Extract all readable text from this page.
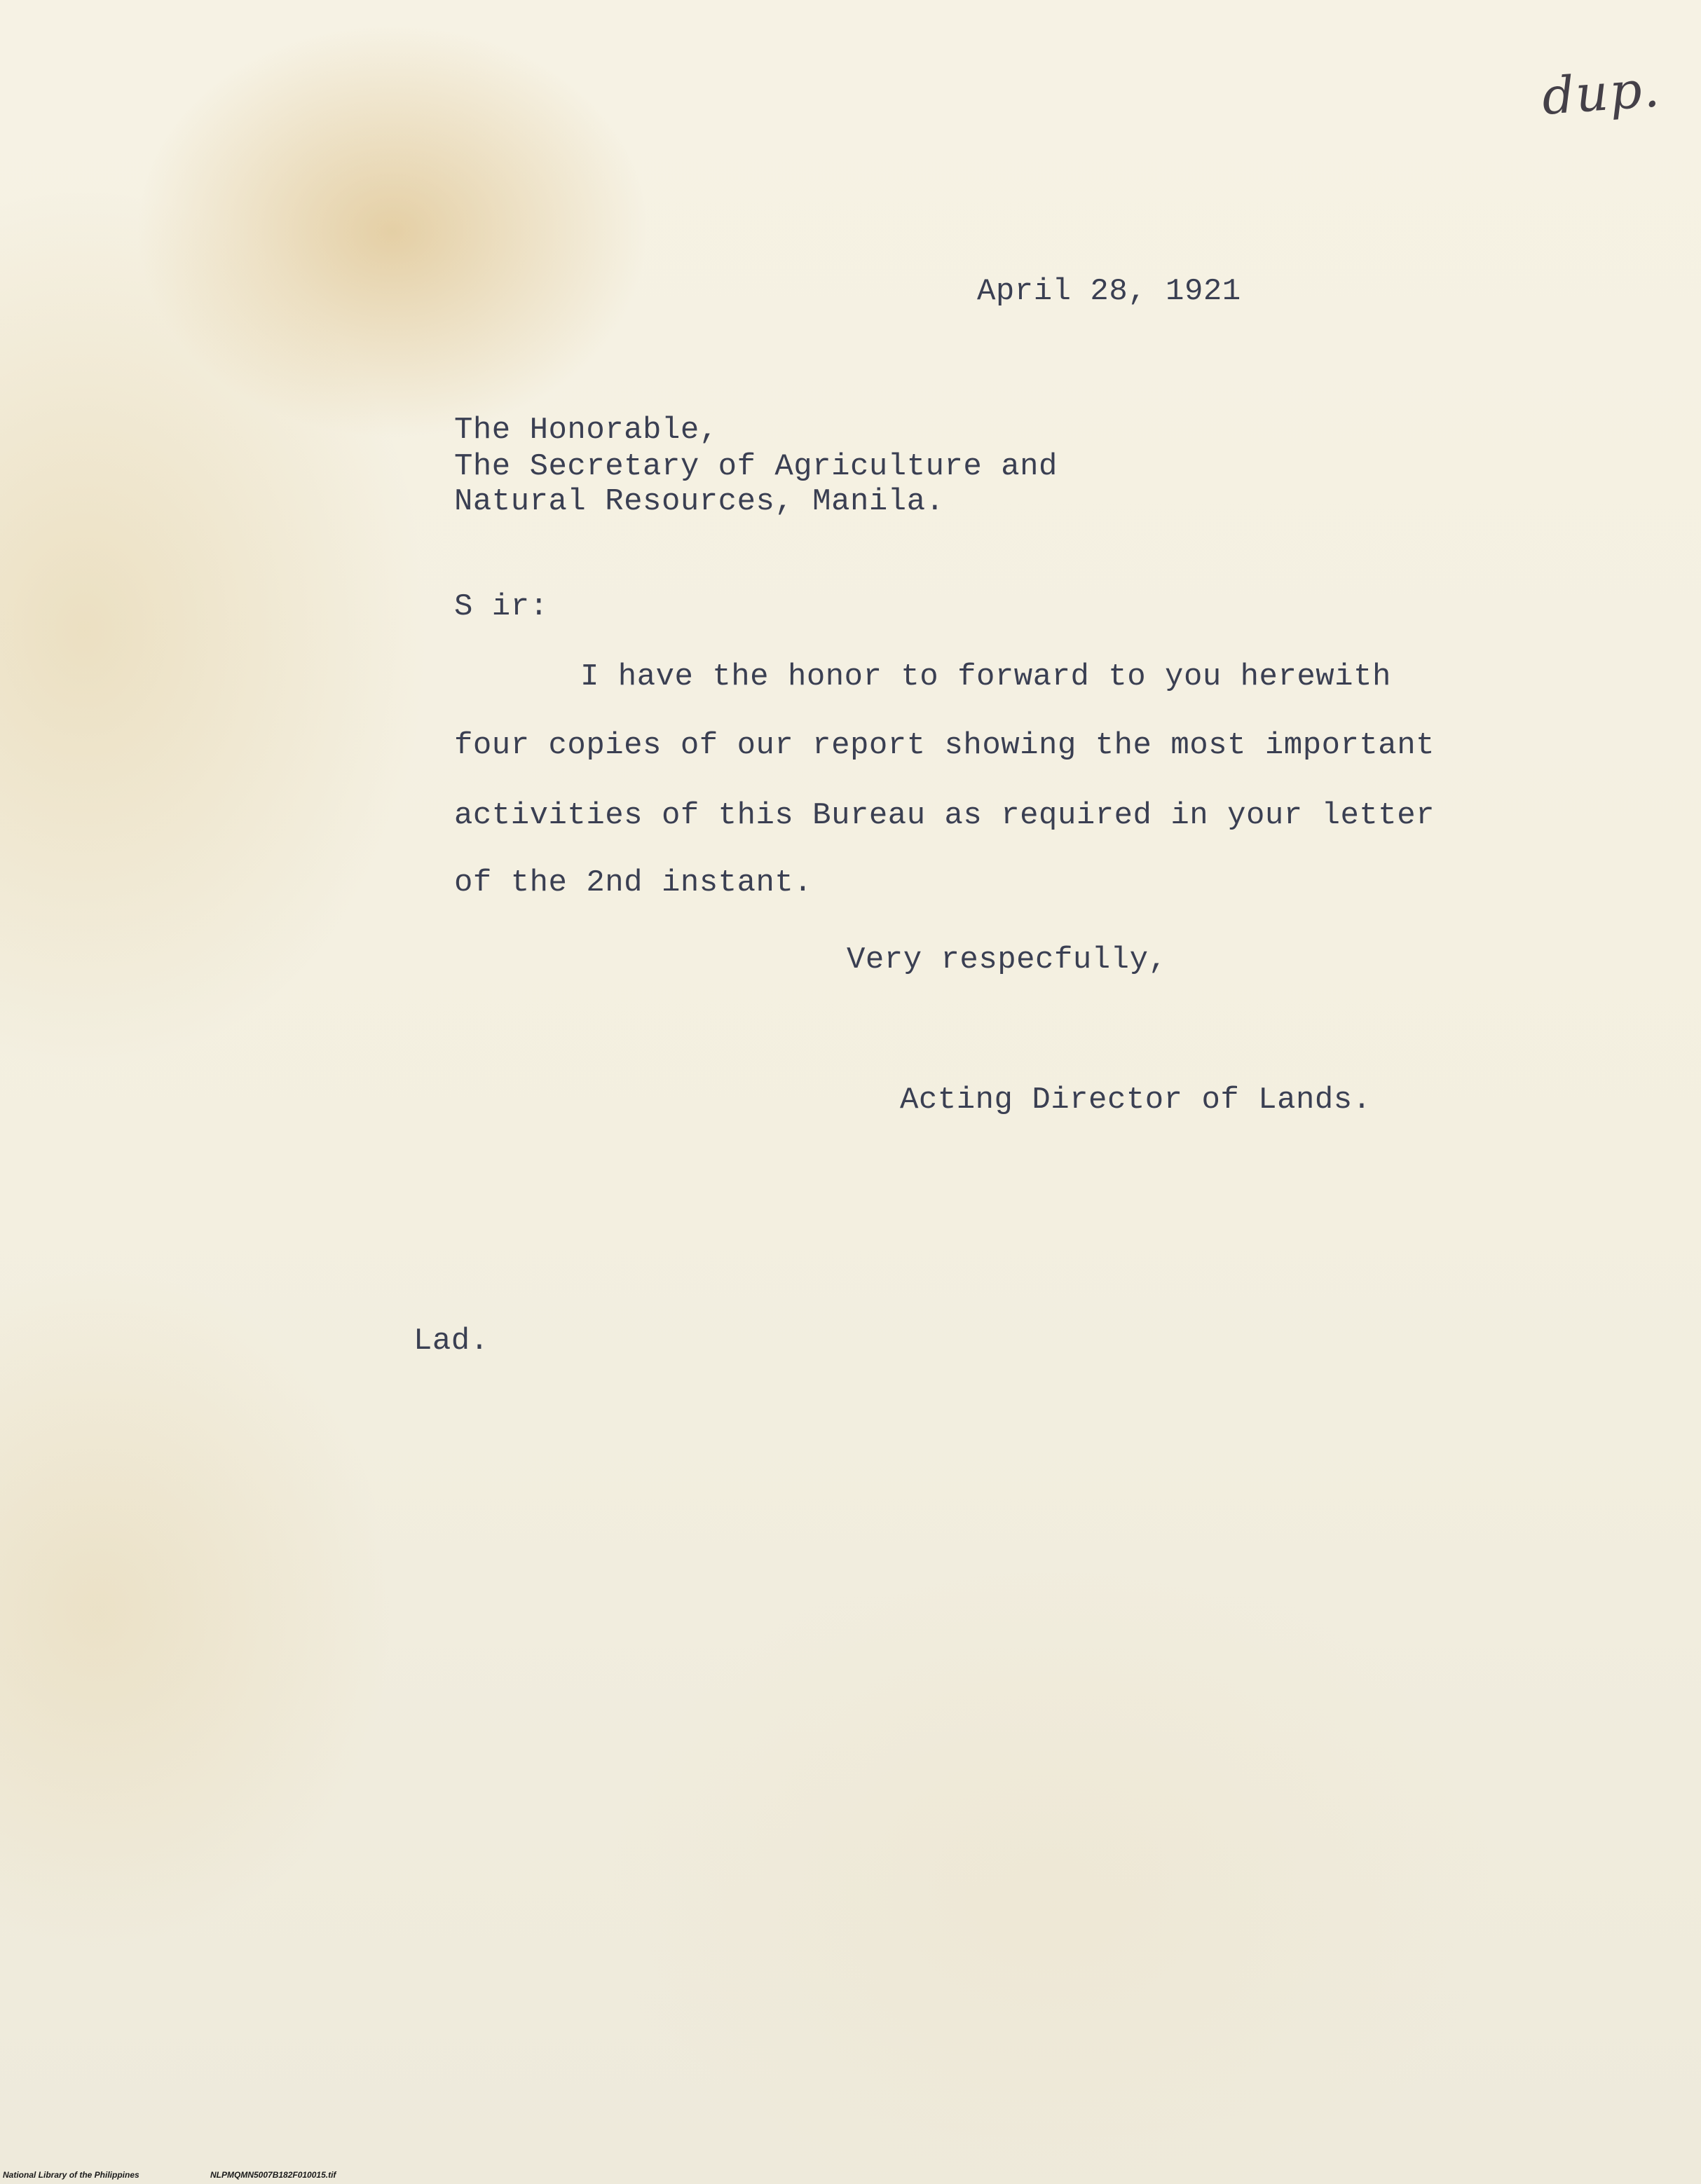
dup.
April 28, 1921
The Honorable,
The Secretary of Agriculture and
Natural Resources, Manila.
S ir:
I have the honor to forward to you herewith
four copies of our report showing the most important
activities of this Bureau as required in your letter
of the 2nd instant.
Very respecfully,
Acting Director of Lands.
Lad.

National Library of the Philippines

	NLPMQMN5007B182F010015.tif
